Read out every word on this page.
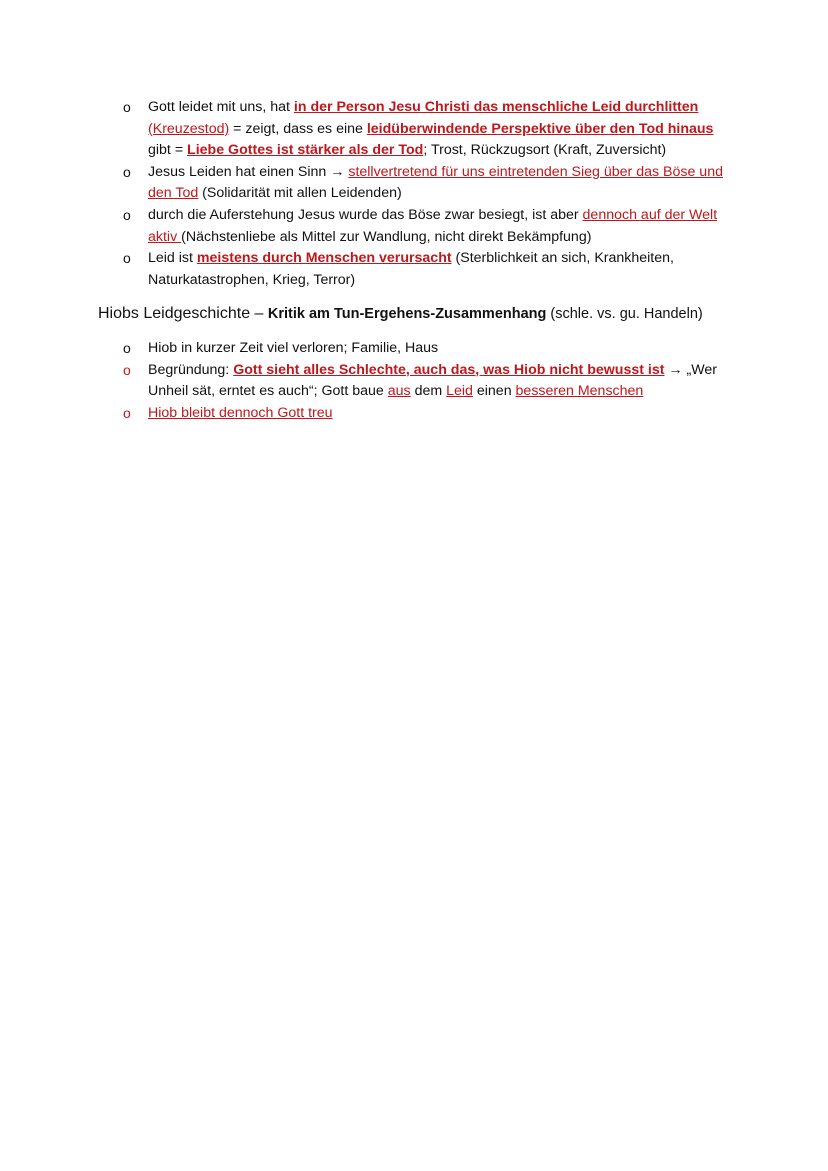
o Gott leidet mit uns, hat in der Person Jesu Christi das menschliche Leid durchlitten
(Kreuzestod) = zeigt, dass es eine leidüberwindende Perspektive über den Tod hinaus
gibt = Liebe Gottes ist stärker als der Tod; Trost, Rückzugsort (Kraft, Zuversicht)
o Jesus Leiden hat einen Sinn → stellvertretend für uns eintretenden Sieg über das Böse und den Tod (Solidarität mit allen Leidenden)
o durch die Auferstehung Jesus wurde das Böse zwar besiegt, ist aber dennoch auf der Welt aktiv (Nächstenliebe als Mittel zur Wandlung, nicht direkt Bekämpfung)
o Leid ist meistens durch Menschen verursacht (Sterblichkeit an sich, Krankheiten, Naturkatastrophen, Krieg, Terror)
Hiobs Leidgeschichte – Kritik am Tun-Ergehens-Zusammenhang (schle. vs. gu. Handeln)
o Hiob in kurzer Zeit viel verloren; Familie, Haus
o Begründung: Gott sieht alles Schlechte, auch das, was Hiob nicht bewusst ist → „Wer Unheil sät, erntet es auch“; Gott baue aus dem Leid einen besseren Menschen
o Hiob bleibt dennoch Gott treu
